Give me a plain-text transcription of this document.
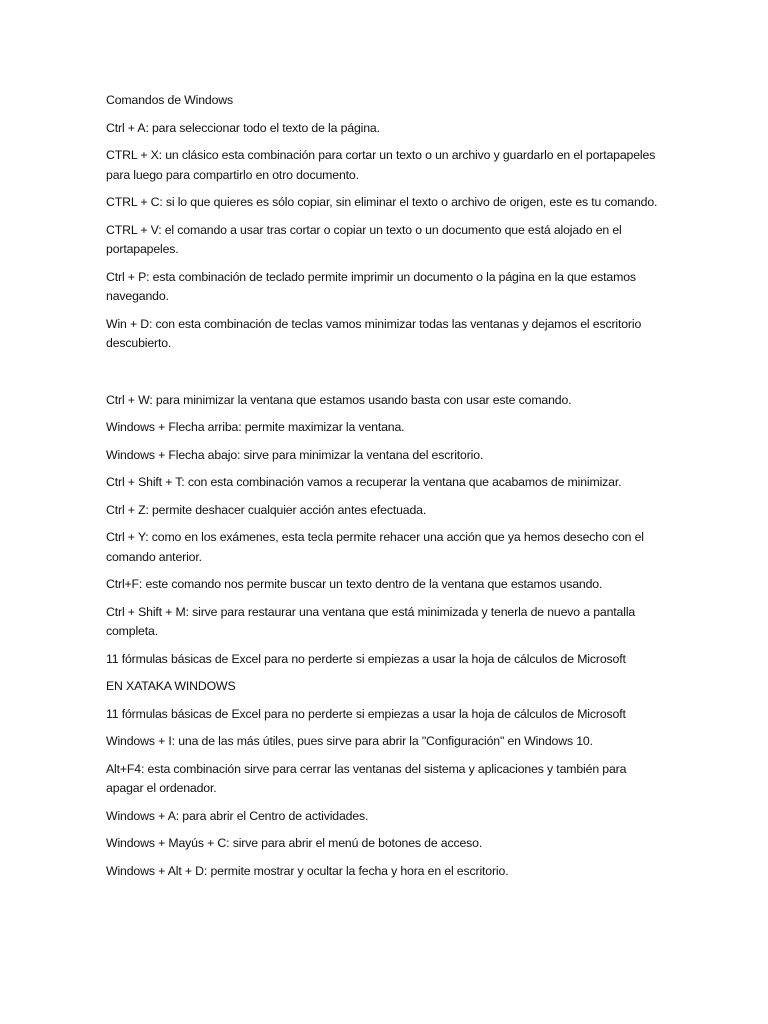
Comandos de Windows

Ctrl + A: para seleccionar todo el texto de la página.

CTRL + X: un clásico esta combinación para cortar un texto o un archivo y guardarlo en el portapapeles para luego para compartirlo en otro documento.

CTRL + C: si lo que quieres es sólo copiar, sin eliminar el texto o archivo de origen, este es tu comando.

CTRL + V: el comando a usar tras cortar o copiar un texto o un documento que está alojado en el portapapeles.

Ctrl + P: esta combinación de teclado permite imprimir un documento o la página en la que estamos navegando.

Win + D: con esta combinación de teclas vamos minimizar todas las ventanas y dejamos el escritorio descubierto.

Ctrl + W: para minimizar la ventana que estamos usando basta con usar este comando.

Windows + Flecha arriba: permite maximizar la ventana.

Windows + Flecha abajo: sirve para minimizar la ventana del escritorio.

Ctrl + Shift + T: con esta combinación vamos a recuperar la ventana que acabamos de minimizar.

Ctrl + Z: permite deshacer cualquier acción antes efectuada.

Ctrl + Y: como en los exámenes, esta tecla permite rehacer una acción que ya hemos desecho con el comando anterior.

Ctrl+F: este comando nos permite buscar un texto dentro de la ventana que estamos usando.

Ctrl + Shift + M: sirve para restaurar una ventana que está minimizada y tenerla de nuevo a pantalla completa.

11 fórmulas básicas de Excel para no perderte si empiezas a usar la hoja de cálculos de Microsoft

EN XATAKA WINDOWS

11 fórmulas básicas de Excel para no perderte si empiezas a usar la hoja de cálculos de Microsoft

Windows + I: una de las más útiles, pues sirve para abrir la "Configuración" en Windows 10.

Alt+F4: esta combinación sirve para cerrar las ventanas del sistema y aplicaciones y también para apagar el ordenador.

Windows + A: para abrir el Centro de actividades.

Windows + Mayús + C: sirve para abrir el menú de botones de acceso.

Windows + Alt + D: permite mostrar y ocultar la fecha y hora en el escritorio.
